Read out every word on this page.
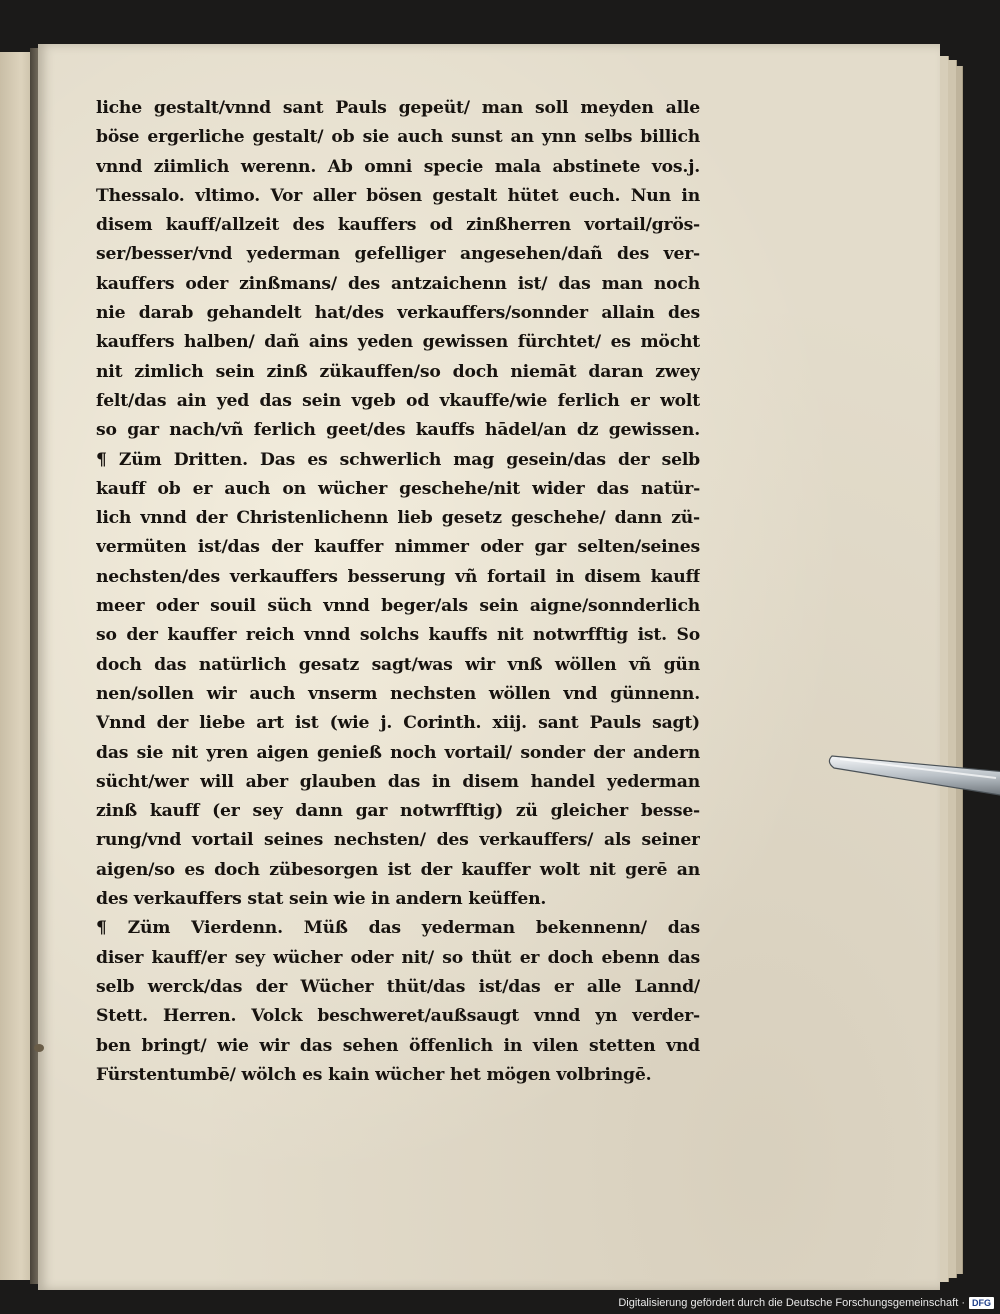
liche gestalt/vnnd sant Pauls gepeüt/ man soll meyden alle
böse ergerliche gestalt/ ob sie auch sunst an ynn selbs billich
vnnd ziimlich werenn. Ab omni specie mala abstinete vos.j.
Thessalo. vltimo. Vor aller bösen gestalt hütet euch. Nun in
disem kauff/allzeit des kauffers od zinßherren vortail/grös-
ser/besser/vnd yederman gefelliger angesehen/dañ des ver-
kauffers oder zinßmans/ des antzaichenn ist/ das man noch
nie darab gehandelt hat/des verkauffers/sonnder allain des
kauffers halben/ dañ ains yeden gewissen fürchtet/ es möcht
nit zimlich sein zinß zükauffen/so doch niemāt daran zwey
felt/das ain yed das sein vgeb od vkauffe/wie ferlich er wolt
so gar nach/vñ ferlich geet/des kauffs hādel/an dz gewissen.
¶ Züm Dritten. Das es schwerlich mag gesein/das der selb
kauff ob er auch on wücher geschehe/nit wider das natür-
lich vnnd der Christenlichenn lieb gesetz geschehe/ dann zü-
vermüten ist/das der kauffer nimmer oder gar selten/seines
nechsten/des verkauffers besserung vñ fortail in disem kauff
meer oder souil süch vnnd beger/als sein aigne/sonnderlich
so der kauffer reich vnnd solchs kauffs nit notwrfftig ist. So
doch das natürlich gesatz sagt/was wir vnß wöllen vñ gün
nen/sollen wir auch vnserm nechsten wöllen vnd günnenn.
Vnnd der liebe art ist (wie j. Corinth. xiij. sant Pauls sagt)
das sie nit yren aigen genieß noch vortail/ sonder der andern
sücht/wer will aber glauben das in disem handel yederman
zinß kauff (er sey dann gar notwrfftig) zü gleicher besse-
rung/vnd vortail seines nechsten/ des verkauffers/ als seiner
aigen/so es doch zübesorgen ist der kauffer wolt nit gerē an
des verkauffers stat sein wie in andern keüffen.
¶ Züm Vierdenn. Müß das yederman bekennenn/ das
diser kauff/er sey wücher oder nit/ so thüt er doch ebenn das
selb werck/das der Wücher thüt/das ist/das er alle Lannd/
Stett. Herren. Volck beschweret/außsaugt vnnd yn verder-
ben bringt/ wie wir das sehen öffenlich in vilen stetten vnd
Fürstentumbē/ wölch es kain wücher het mögen volbringē.
Digitalisierung gefördert durch die Deutsche Forschungsgemeinschaft · DFG
